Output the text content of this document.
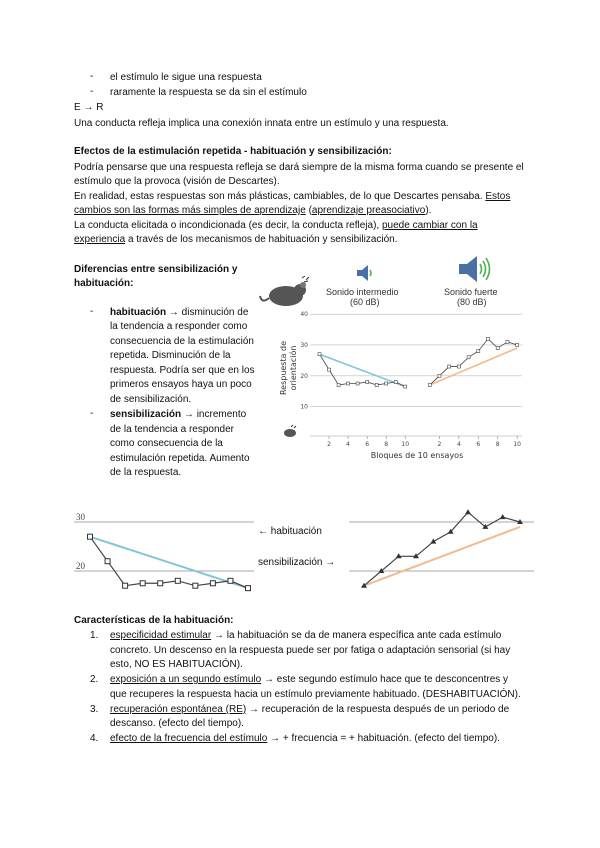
- el estímulo le sigue una respuesta
- raramente la respuesta se da sin el estímulo
E → R
Una conducta refleja implica una conexión innata entre un estímulo y una respuesta.
Efectos de la estimulación repetida - habituación y sensibilización:
Podría pensarse que una respuesta refleja se dará siempre de la misma forma cuando se presente el
estímulo que la provoca (visión de Descartes).
En realidad, estas respuestas son más plásticas, cambiables, de lo que Descartes pensaba. Estos
cambios son las formas más simples de aprendizaje (aprendizaje preasociativo).
La conducta elicitada o incondicionada (es decir, la conducta refleja), puede cambiar con la
experiencia a través de los mecanismos de habituación y sensibilización.
Diferencias entre sensibilización y
habituación:
- habituación → disminución de
la tendencia a responder como
consecuencia de la estimulación
repetida. Disminución de la
respuesta. Podría ser que en los
primeros ensayos haya un poco
de sensibilización.
- sensibilización → incremento
de la tendencia a responder
como consecuencia de la
estimulación repetida. Aumento
de la respuesta.
Sonido intermedio
(60 dB)
Sonido fuerte
(80 dB)
40
30
20
10
2	4	6	8 10	2	4	6	8 10
Respuesta de orientación
Bloques de 10 ensayos
30
20
← habituación
sensibilización →
Características de la habituación:
1. especificidad estimular → la habituación se da de manera específica ante cada estímulo
concreto. Un descenso en la respuesta puede ser por fatiga o adaptación sensorial (si hay
esto, NO ES HABITUACIÓN).
2. exposición a un segundo estímulo → este segundo estímulo hace que te desconcentres y
que recuperes la respuesta hacia un estímulo previamente habituado. (DESHABITUACIÓN).
3. recuperación espontánea (RE) → recuperación de la respuesta después de un periodo de
descanso. (efecto del tiempo).
4. efecto de la frecuencia del estímulo → + frecuencia = + habituación. (efecto del tiempo).
